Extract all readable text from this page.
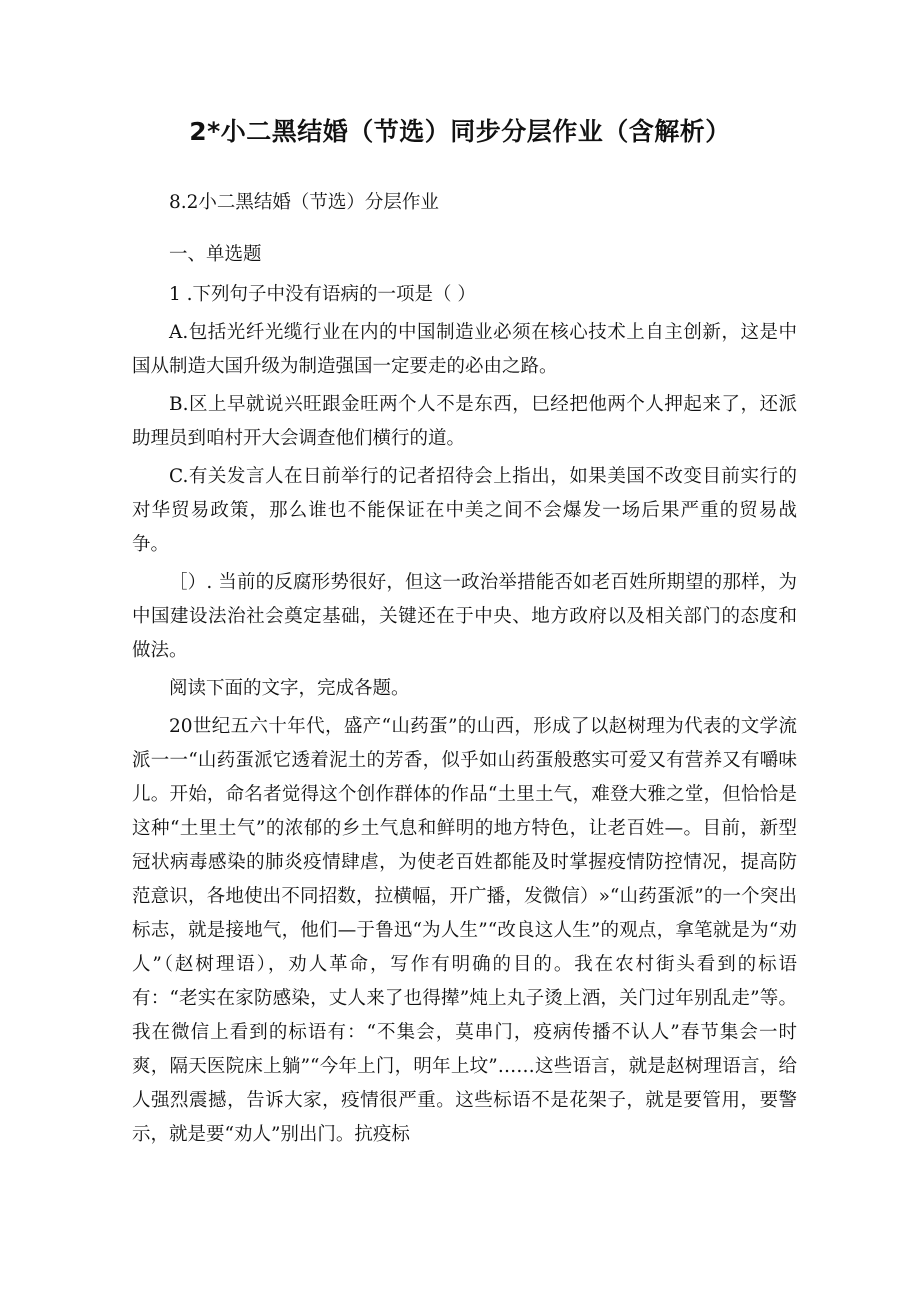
2*小二黑结婚（节选）同步分层作业（含解析）

8.2小二黑结婚（节选）分层作业

一、单选题

1 .下列句子中没有语病的一项是（ ）

A.包括光纤光缆行业在内的中国制造业必须在核心技术上自主创新，这是中国从制造大国升级为制造强国一定要走的必由之路。

B.区上早就说兴旺跟金旺两个人不是东西，巳经把他两个人押起来了，还派助理员到咱村开大会调查他们横行的道。

C.有关发言人在日前举行的记者招待会上指出，如果美国不改变目前实行的对华贸易政策，那么谁也不能保证在中美之间不会爆发一场后果严重的贸易战争。

［）. 当前的反腐形势很好，但这一政治举措能否如老百姓所期望的那样，为中国建设法治社会奠定基础，关键还在于中央、地方政府以及相关部门的态度和做法。

阅读下面的文字，完成各题。

20世纪五六十年代，盛产“山药蛋”的山西，形成了以赵树理为代表的文学流派一一“山药蛋派它透着泥土的芳香，似乎如山药蛋般憨实可爱又有营养又有嚼味儿。开始，命名者觉得这个创作群体的作品“土里土气，难登大雅之堂，但恰恰是这种“土里土气”的浓郁的乡土气息和鲜明的地方特色，让老百姓—。目前，新型冠状病毒感染的肺炎疫情肆虐，为使老百姓都能及时掌握疫情防控情况，提高防范意识，各地使出不同招数，拉横幅，开广播，发微信）»“山药蛋派”的一个突出标志，就是接地气，他们—于鲁迅“为人生”“改良这人生”的观点，拿笔就是为“劝人”（赵树理语），劝人革命，写作有明确的目的。我在农村街头看到的标语有：“老实在家防感染，丈人来了也得撵”炖上丸子烫上酒，关门过年别乱走”等。我在微信上看到的标语有：“不集会，莫串门，疫病传播不认人”春节集会一时爽，隔天医院床上躺”“今年上门，明年上坟”……这些语言，就是赵树理语言，给人强烈震撼，告诉大家，疫情很严重。这些标语不是花架子，就是要管用，要警示，就是要“劝人”别出门。抗疫标
